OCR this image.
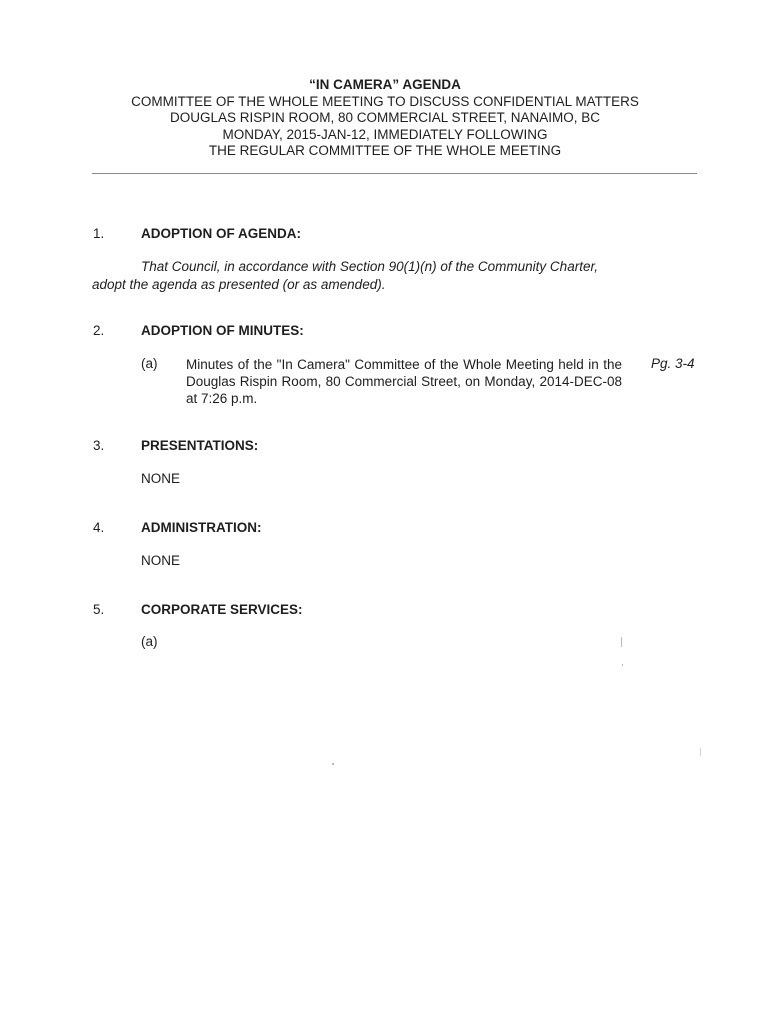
“IN CAMERA” AGENDA
COMMITTEE OF THE WHOLE MEETING TO DISCUSS CONFIDENTIAL MATTERS
DOUGLAS RISPIN ROOM, 80 COMMERCIAL STREET, NANAIMO, BC
MONDAY, 2015-JAN-12, IMMEDIATELY FOLLOWING
THE REGULAR COMMITTEE OF THE WHOLE MEETING
1.	ADOPTION OF AGENDA:
That Council, in accordance with Section 90(1)(n) of the Community Charter,
adopt the agenda as presented (or as amended).
2.	ADOPTION OF MINUTES:
(a) Minutes of the "In Camera" Committee of the Whole Meeting held in the Douglas Rispin Room, 80 Commercial Street, on Monday, 2014-DEC-08 at 7:26 p.m.
Pg. 3-4
3.	PRESENTATIONS:
NONE
4.	ADMINISTRATION:
NONE
5.	CORPORATE SERVICES:
(a)
